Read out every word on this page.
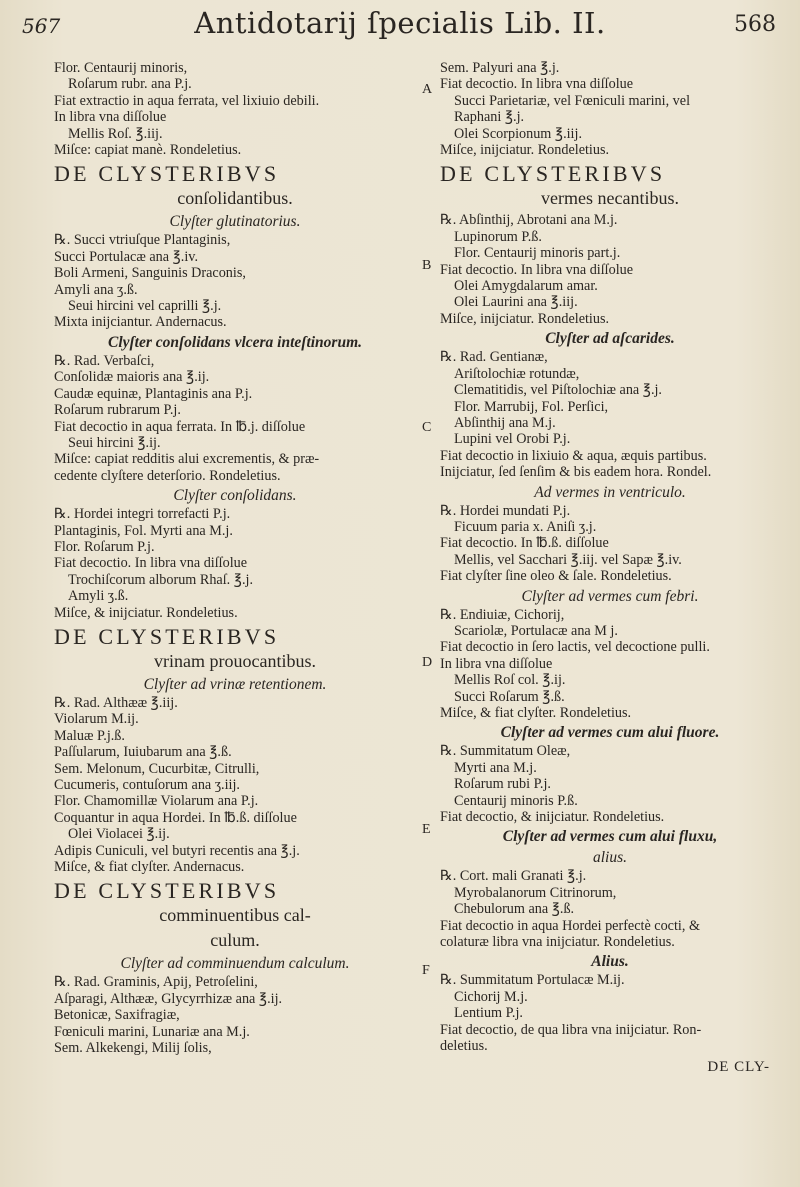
567	Antidotarij ſpecialis Lib. II.	568
Flor. Centaurij minoris,
Roſarum rubr. ana P.j.
Fiat extractio in aqua ferrata, vel lixiuio debili.
In libra vna diſſolue
Mellis Roſ. ℥.iij.
Miſce: capiat manè. Rondeletius.
DE CLYSTERIBVS
conſolidantibus.
Clyſter glutinatorius.
℞. Succi vtriuſque Plantaginis,
Succi Portulacæ ana ℥.iv.
Boli Armeni, Sanguinis Draconis,
Amyli ana ʒ.ß.
Seui hircini vel caprilli ℥.j.
Mixta inijciantur. Andernacus.
Clyſter conſolidans vlcera inteſtinorum.
℞. Rad. Verbaſci,
Conſolidæ maioris ana ℥.ij.
Caudæ equinæ, Plantaginis ana P.j.
Roſarum rubrarum P.j.
Fiat decoctio in aqua ferrata. In ℔.j. diſſolue
Seui hircini ℥.ij.
Miſce: capiat redditis alui excrementis, & præ-
cedente clyſtere deterſorio. Rondeletius.
Clyſter conſolidans.
℞. Hordei integri torrefacti P.j.
Plantaginis, Fol. Myrti ana M.j.
Flor. Roſarum P.j.
Fiat decoctio. In libra vna diſſolue
Trochiſcorum alborum Rhaſ. ℥.j.
Amyli ʒ.ß.
Miſce, & inijciatur. Rondeletius.
DE CLYSTERIBVS
vrinam prouocantibus.
Clyſter ad vrinæ retentionem.
℞. Rad. Althææ ℥.iij.
Violarum M.ij.
Maluæ P.j.ß.
Paſſularum, Iuiubarum ana ℥.ß.
Sem. Melonum, Cucurbitæ, Citrulli,
Cucumeris, contuſorum ana ʒ.iij.
Flor. Chamomillæ Violarum ana P.j.
Coquantur in aqua Hordei. In ℔.ß. diſſolue
Olei Violacei ℥.ij.
Adipis Cuniculi, vel butyri recentis ana ℥.j.
Miſce, & fiat clyſter. Andernacus.
DE CLYSTERIBVS
comminuentibus cal-
culum.
Clyſter ad comminuendum calculum.
℞. Rad. Graminis, Apij, Petroſelini,
Aſparagi, Althææ, Glycyrrhizæ ana ℥.ij.
Betonicæ, Saxifragiæ,
Fœniculi marini, Lunariæ ana M.j.
Sem. Alkekengi, Milij ſolis,
Sem. Palyuri ana ℥.j.
Fiat decoctio. In libra vna diſſolue
Succi Parietariæ, vel Fœniculi marini, vel
Raphani ℥.j.
Olei Scorpionum ℥.iij.
Miſce, inijciatur. Rondeletius.
DE CLYSTERIBVS
vermes necantibus.
℞. Abſinthij, Abrotani ana M.j.
Lupinorum P.ß.
Flor. Centaurij minoris part.j.
Fiat decoctio. In libra vna diſſolue
Olei Amygdalarum amar.
Olei Laurini ana ℥.iij.
Miſce, inijciatur. Rondeletius.
Clyſter ad aſcarides.
℞. Rad. Gentianæ,
Ariſtolochiæ rotundæ,
Clematitidis, vel Piſtolochiæ ana ℥.j.
Flor. Marrubij, Fol. Perſici,
Abſinthij ana M.j.
Lupini vel Orobi P.j.
Fiat decoctio in lixiuio & aqua, æquis partibus.
Inijciatur, ſed ſenſim & bis eadem hora. Rondel.
Ad vermes in ventriculo.
℞. Hordei mundati P.j.
Ficuum paria x. Aniſi ʒ.j.
Fiat decoctio. In ℔.ß. diſſolue
Mellis, vel Sacchari ℥.iij. vel Sapæ ℥.iv.
Fiat clyſter ſine oleo & ſale. Rondeletius.
Clyſter ad vermes cum febri.
℞. Endiuiæ, Cichorij,
Scariolæ, Portulacæ ana M j.
Fiat decoctio in ſero lactis, vel decoctione pulli.
In libra vna diſſolue
Mellis Roſ col. ℥.ij.
Succi Roſarum ℥.ß.
Miſce, & fiat clyſter. Rondeletius.
Clyſter ad vermes cum alui fluore.
℞. Summitatum Oleæ,
Myrti ana M.j.
Roſarum rubi P.j.
Centaurij minoris P.ß.
Fiat decoctio, & inijciatur. Rondeletius.
Clyſter ad vermes cum alui fluxu,
alius.
℞. Cort. mali Granati ℥.j.
Myrobalanorum Citrinorum,
Chebulorum ana ℥.ß.
Fiat decoctio in aqua Hordei perfectè cocti, &
colaturæ libra vna inijciatur. Rondeletius.
Alius.
℞. Summitatum Portulacæ M.ij.
Cichorij M.j.
Lentium P.j.
Fiat decoctio, de qua libra vna inijciatur. Ron-
deletius.
DE CLY-
A
B
C
D
E
F
